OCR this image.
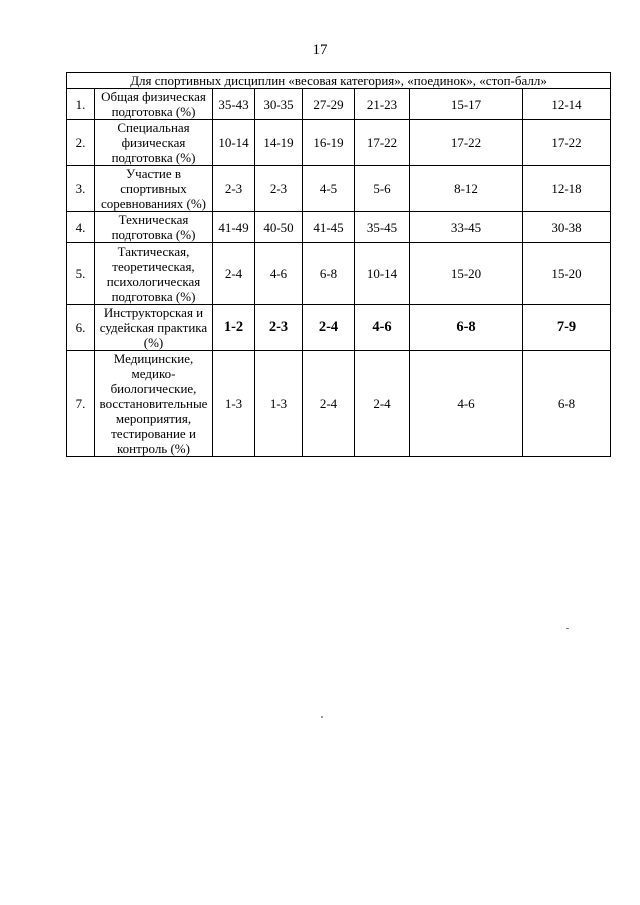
17
Для спортивных дисциплин «весовая категория», «поединок», «стоп-балл»							
1.	Общая физическая подготовка (%)	35-43	30-35	27-29	21-23	15-17	12-14
2.	Специальная физическая подготовка (%)	10-14	14-19	16-19	17-22	17-22	17-22
3.	Участие в спортивных соревнованиях (%)	2-3	2-3	4-5	5-6	8-12	12-18
4.	Техническая подготовка (%)	41-49	40-50	41-45	35-45	33-45	30-38
5.	Тактическая, теоретическая, психологическая подготовка (%)	2-4	4-6	6-8	10-14	15-20	15-20
6.	Инструкторская и судейская практика (%)	1-2	2-3	2-4	4-6	6-8	7-9
7.	Медицинские, медико-биологические, восстановительные мероприятия, тестирование и контроль (%)	1-3	1-3	2-4	2-4	4-6	6-8
